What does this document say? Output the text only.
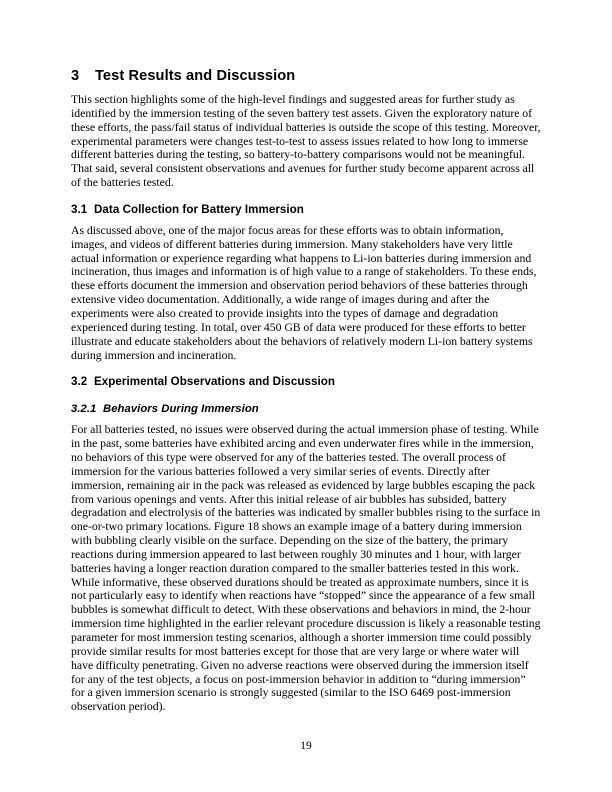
3	Test Results and Discussion

This section highlights some of the high-level findings and suggested areas for further study as identified by the immersion testing of the seven battery test assets. Given the exploratory nature of these efforts, the pass/fail status of individual batteries is outside the scope of this testing. Moreover, experimental parameters were changes test-to-test to assess issues related to how long to immerse different batteries during the testing, so battery-to-battery comparisons would not be meaningful. That said, several consistent observations and avenues for further study become apparent across all of the batteries tested.

3.1 Data Collection for Battery Immersion

As discussed above, one of the major focus areas for these efforts was to obtain information, images, and videos of different batteries during immersion. Many stakeholders have very little actual information or experience regarding what happens to Li-ion batteries during immersion and incineration, thus images and information is of high value to a range of stakeholders. To these ends, these efforts document the immersion and observation period behaviors of these batteries through extensive video documentation. Additionally, a wide range of images during and after the experiments were also created to provide insights into the types of damage and degradation experienced during testing. In total, over 450 GB of data were produced for these efforts to better illustrate and educate stakeholders about the behaviors of relatively modern Li-ion battery systems during immersion and incineration.

3.2 Experimental Observations and Discussion
3.2.1 Behaviors During Immersion

For all batteries tested, no issues were observed during the actual immersion phase of testing. While in the past, some batteries have exhibited arcing and even underwater fires while in the immersion, no behaviors of this type were observed for any of the batteries tested. The overall process of immersion for the various batteries followed a very similar series of events. Directly after immersion, remaining air in the pack was released as evidenced by large bubbles escaping the pack from various openings and vents. After this initial release of air bubbles has subsided, battery degradation and electrolysis of the batteries was indicated by smaller bubbles rising to the surface in one-or-two primary locations. Figure 18 shows an example image of a battery during immersion with bubbling clearly visible on the surface. Depending on the size of the battery, the primary reactions during immersion appeared to last between roughly 30 minutes and 1 hour, with larger batteries having a longer reaction duration compared to the smaller batteries tested in this work. While informative, these observed durations should be treated as approximate numbers, since it is not particularly easy to identify when reactions have “stopped” since the appearance of a few small bubbles is somewhat difficult to detect. With these observations and behaviors in mind, the 2-hour immersion time highlighted in the earlier relevant procedure discussion is likely a reasonable testing parameter for most immersion testing scenarios, although a shorter immersion time could possibly provide similar results for most batteries except for those that are very large or where water will have difficulty penetrating. Given no adverse reactions were observed during the immersion itself for any of the test objects, a focus on post-immersion behavior in addition to “during immersion” for a given immersion scenario is strongly suggested (similar to the ISO 6469 post-immersion observation period).

19
